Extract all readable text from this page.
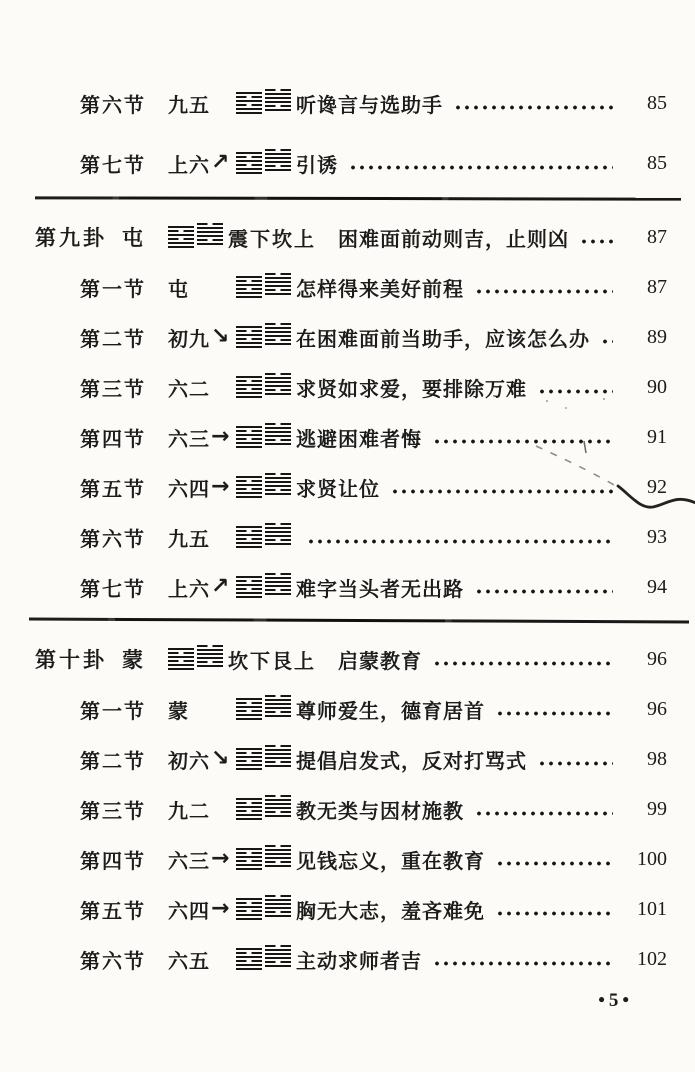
第六节	九五	听谗言与选助手	85
第七节	上六 ↗	引诱	85
第九卦 屯	震下坎上 困难面前动则吉，止则凶	87
第一节	屯	怎样得来美好前程	87
第二节	初九 ↘	在困难面前当助手，应该怎么办	89
第三节	六二	求贤如求爱，要排除万难	90
第四节	六三 →	逃避困难者悔	91
第五节	六四 →	求贤让位	92
第六节	九五	93
第七节	上六 ↗	难字当头者无出路	94
第十卦 蒙	坎下艮上 启蒙教育	96
第一节	蒙	尊师爱生，德育居首	96
第二节	初六 ↘	提倡启发式，反对打骂式	98
第三节	九二	教无类与因材施教	99
第四节	六三 →	见钱忘义，重在教育	100
第五节	六四 →	胸无大志，羞吝难免	101
第六节	六五	主动求师者吉	102
•5•
